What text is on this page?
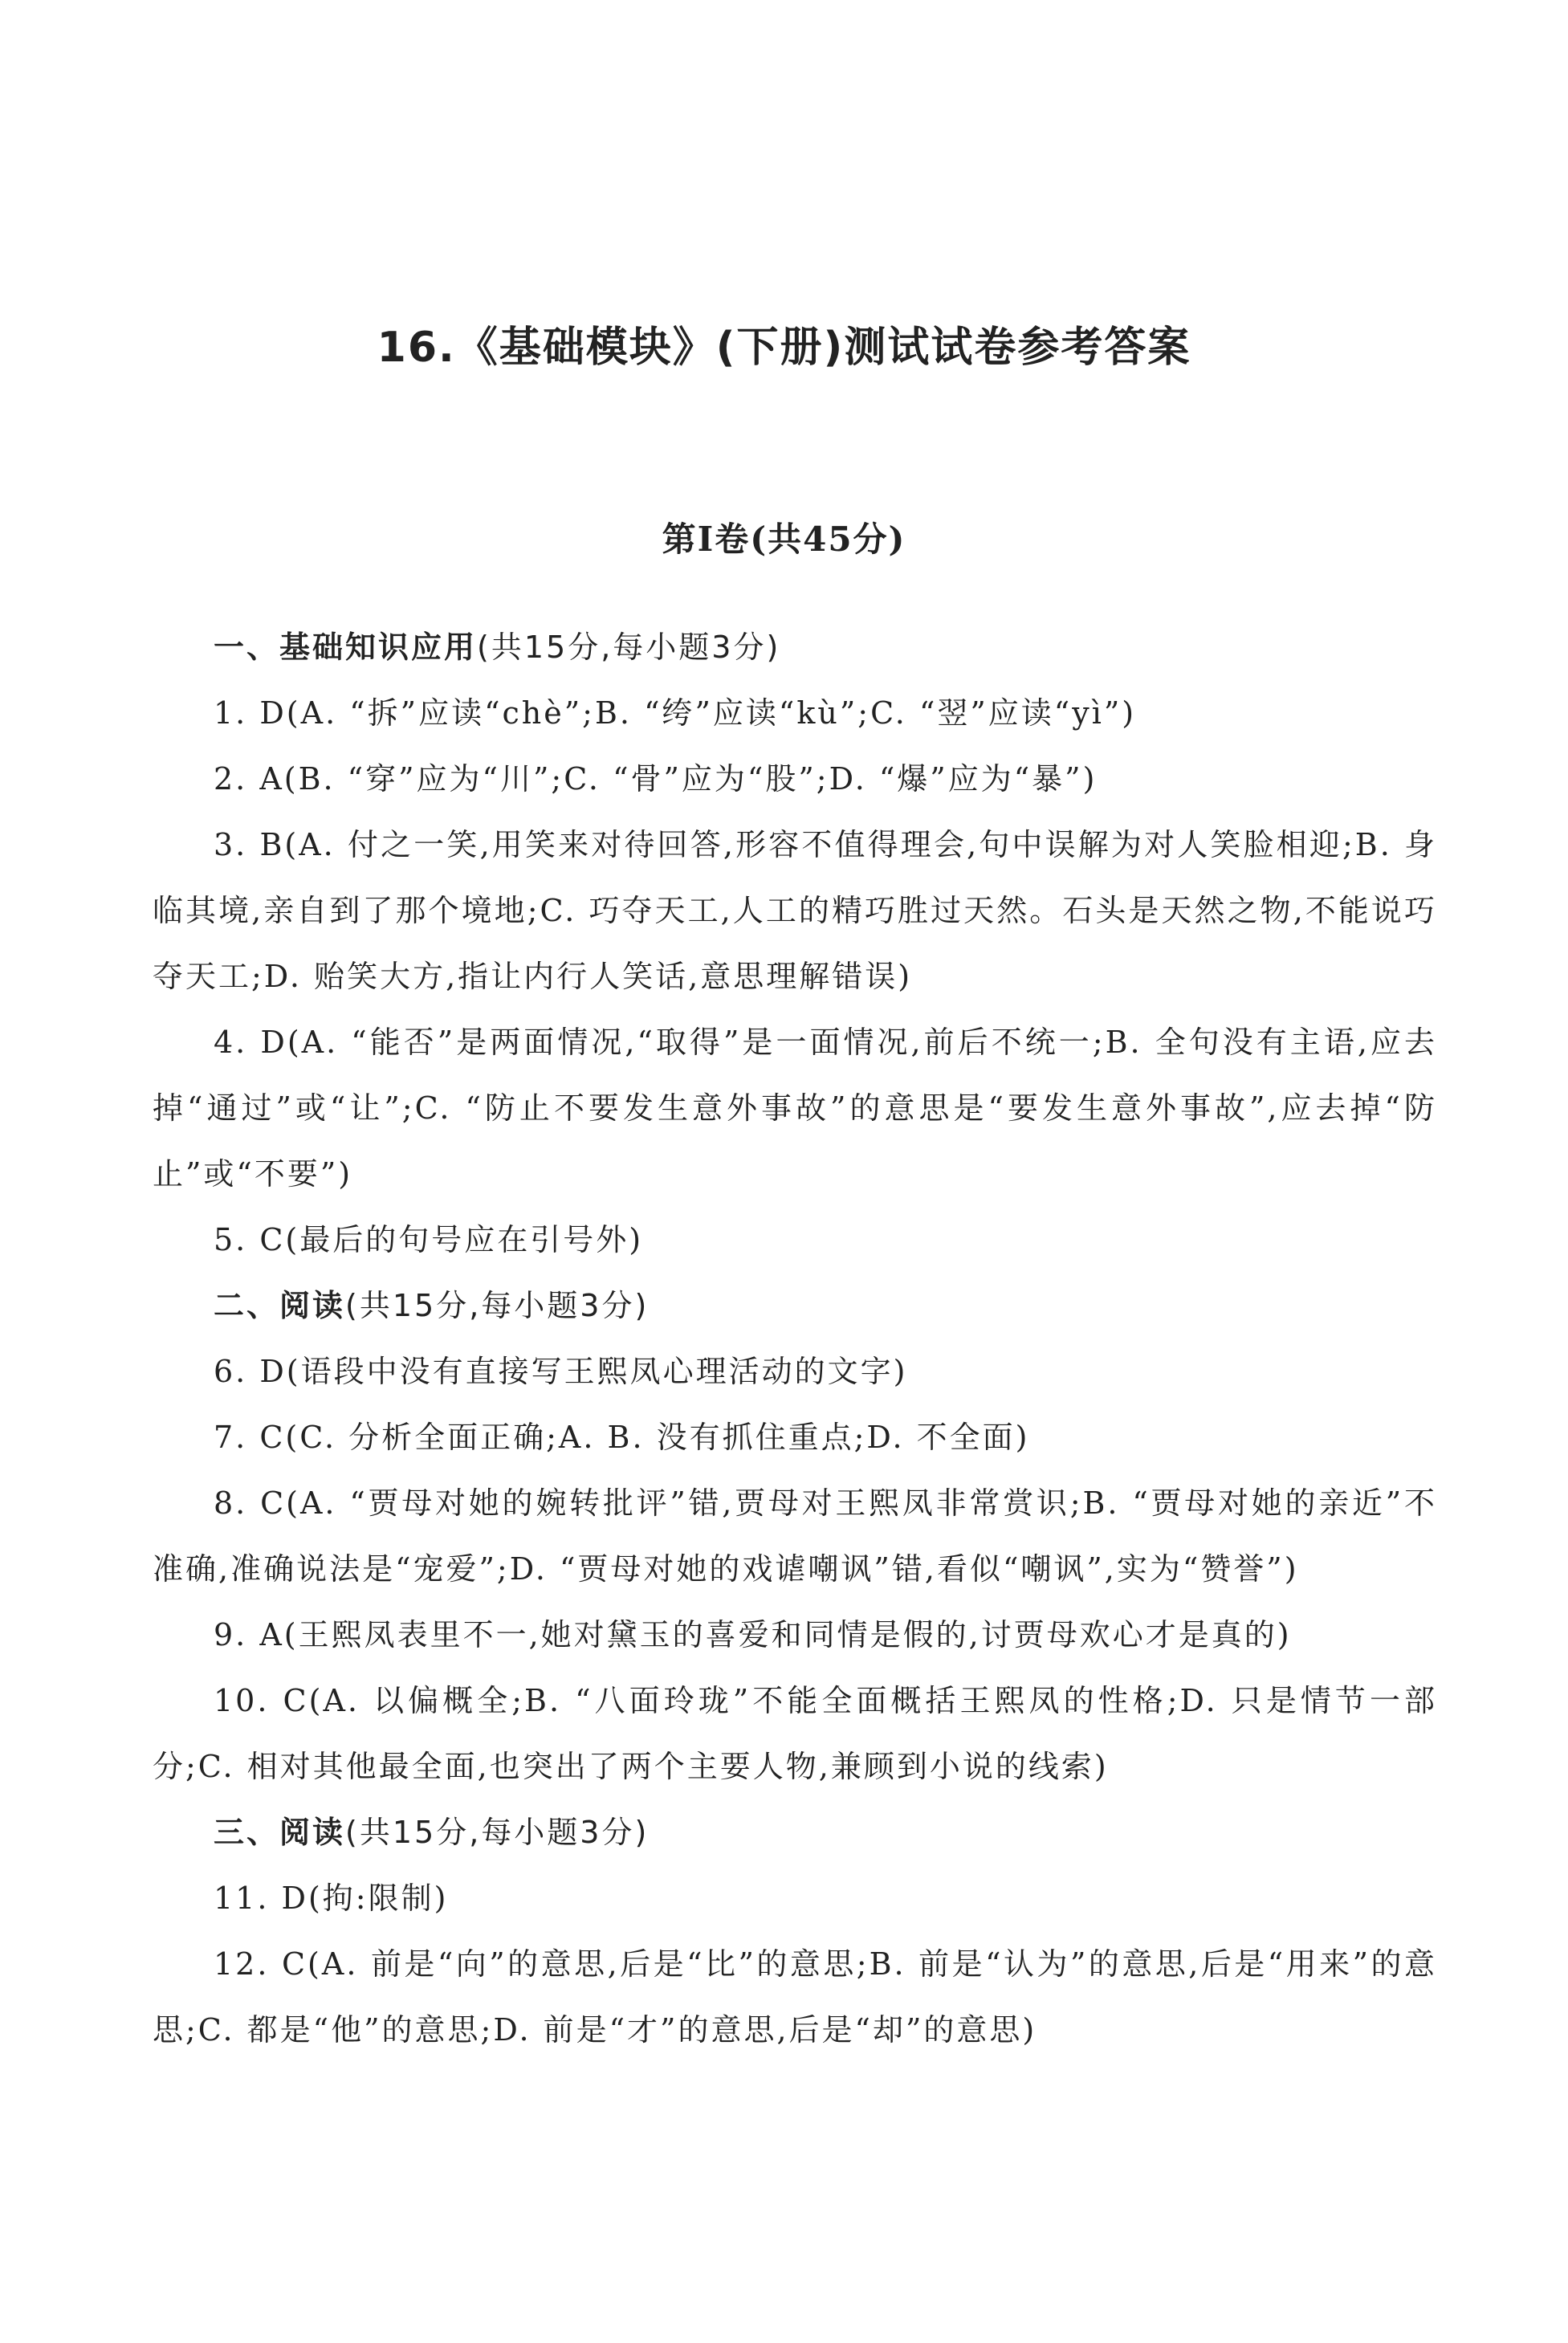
16.《基础模块》(下册)测试试卷参考答案
第Ⅰ卷(共45分)

一、基础知识应用(共15分,每小题3分)

1. D(A. “拆”应读“chè”;B. “绔”应读“kù”;C. “翌”应读“yì”)

2. A(B. “穿”应为“川”;C. “骨”应为“股”;D. “爆”应为“暴”)

3. B(A. 付之一笑,用笑来对待回答,形容不值得理会,句中误解为对人笑脸相迎;B. 身临其境,亲自到了那个境地;C. 巧夺天工,人工的精巧胜过天然。石头是天然之物,不能说巧夺天工;D. 贻笑大方,指让内行人笑话,意思理解错误)

4. D(A. “能否”是两面情况,“取得”是一面情况,前后不统一;B. 全句没有主语,应去掉“通过”或“让”;C. “防止不要发生意外事故”的意思是“要发生意外事故”,应去掉“防止”或“不要”)

5. C(最后的句号应在引号外)

二、阅读(共15分,每小题3分)

6. D(语段中没有直接写王熙凤心理活动的文字)

7. C(C. 分析全面正确;A. B. 没有抓住重点;D. 不全面)

8. C(A. “贾母对她的婉转批评”错,贾母对王熙凤非常赏识;B. “贾母对她的亲近”不准确,准确说法是“宠爱”;D. “贾母对她的戏谑嘲讽”错,看似“嘲讽”,实为“赞誉”)

9. A(王熙凤表里不一,她对黛玉的喜爱和同情是假的,讨贾母欢心才是真的)

10. C(A. 以偏概全;B. “八面玲珑”不能全面概括王熙凤的性格;D. 只是情节一部分;C. 相对其他最全面,也突出了两个主要人物,兼顾到小说的线索)

三、阅读(共15分,每小题3分)

11. D(拘:限制)

12. C(A. 前是“向”的意思,后是“比”的意思;B. 前是“认为”的意思,后是“用来”的意思;C. 都是“他”的意思;D. 前是“才”的意思,后是“却”的意思)
